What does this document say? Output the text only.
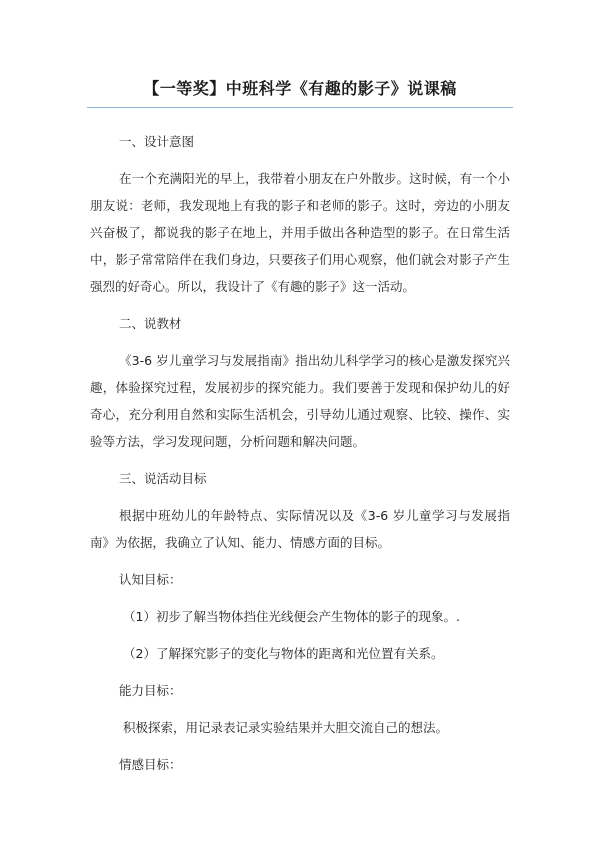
【一等奖】中班科学《有趣的影子》说课稿

一、设计意图

在一个充满阳光的早上，我带着小朋友在户外散步。这时候，有一个小朋友说：老师，我发现地上有我的影子和老师的影子。这时，旁边的小朋友兴奋极了，都说我的影子在地上，并用手做出各种造型的影子。在日常生活中，影子常常陪伴在我们身边，只要孩子们用心观察，他们就会对影子产生强烈的好奇心。所以，我设计了《有趣的影子》这一活动。

二、说教材

《3-6 岁儿童学习与发展指南》指出幼儿科学学习的核心是激发探究兴趣，体验探究过程，发展初步的探究能力。我们要善于发现和保护幼儿的好奇心，充分利用自然和实际生活机会，引导幼儿通过观察、比较、操作、实验等方法，学习发现问题，分析问题和解决问题。

三、说活动目标

根据中班幼儿的年龄特点、实际情况以及《3-6 岁儿童学习与发展指南》为依据，我确立了认知、能力、情感方面的目标。

认知目标：

（1）初步了解当物体挡住光线便会产生物体的影子的现象。.

（2）了解探究影子的变化与物体的距离和光位置有关系。

能力目标：

积极探索，用记录表记录实验结果并大胆交流自己的想法。

情感目标：
